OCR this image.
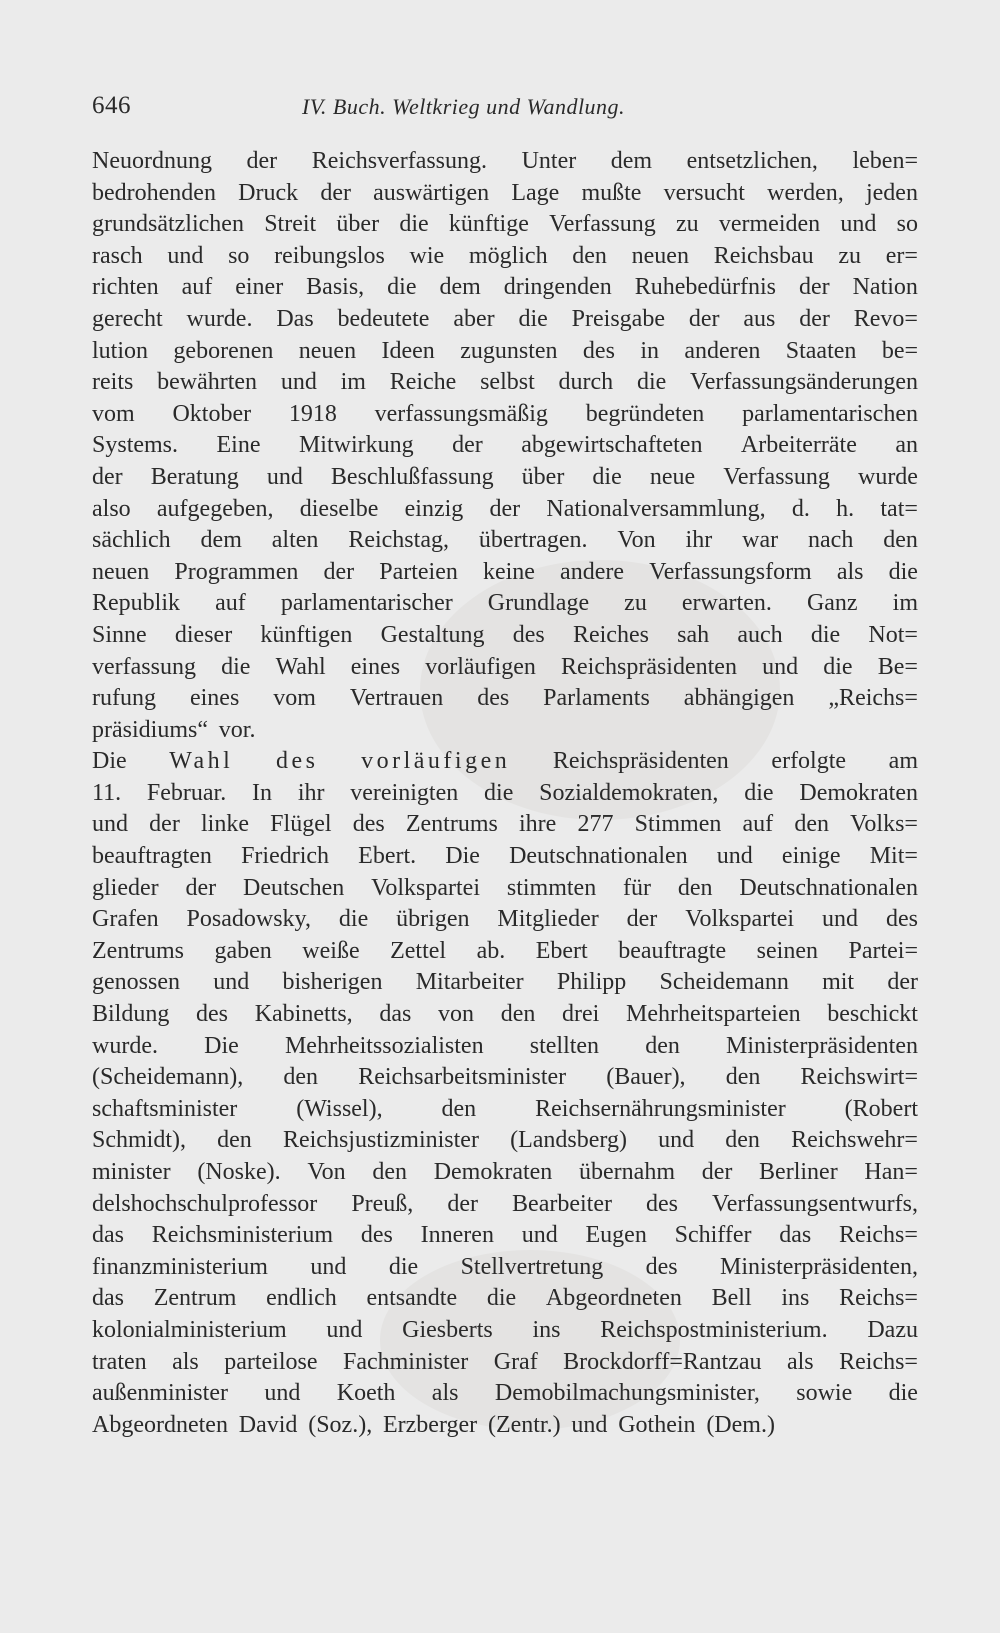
646	IV. Buch. Weltkrieg und Wandlung.
Neuordnung der Reichsverfassung. Unter dem entsetzlichen, leben=
bedrohenden Druck der auswärtigen Lage mußte versucht werden, jeden
grundsätzlichen Streit über die künftige Verfassung zu vermeiden und so
rasch und so reibungslos wie möglich den neuen Reichsbau zu er=
richten auf einer Basis, die dem dringenden Ruhebedürfnis der Nation
gerecht wurde. Das bedeutete aber die Preisgabe der aus der Revo=
lution geborenen neuen Ideen zugunsten des in anderen Staaten be=
reits bewährten und im Reiche selbst durch die Verfassungsänderungen
vom Oktober 1918 verfassungsmäßig begründeten parlamentarischen
Systems. Eine Mitwirkung der abgewirtschafteten Arbeiterräte an
der Beratung und Beschlußfassung über die neue Verfassung wurde
also aufgegeben, dieselbe einzig der Nationalversammlung, d. h. tat=
sächlich dem alten Reichstag, übertragen. Von ihr war nach den
neuen Programmen der Parteien keine andere Verfassungsform als die
Republik auf parlamentarischer Grundlage zu erwarten. Ganz im
Sinne dieser künftigen Gestaltung des Reiches sah auch die Not=
verfassung die Wahl eines vorläufigen Reichspräsidenten und die Be=
rufung eines vom Vertrauen des Parlaments abhängigen „Reichs=
präsidiums“ vor.
Die Wahl des vorläufigen Reichspräsidenten erfolgte am
11. Februar. In ihr vereinigten die Sozialdemokraten, die Demokraten
und der linke Flügel des Zentrums ihre 277 Stimmen auf den Volks=
beauftragten Friedrich Ebert. Die Deutschnationalen und einige Mit=
glieder der Deutschen Volkspartei stimmten für den Deutschnationalen
Grafen Posadowsky, die übrigen Mitglieder der Volkspartei und des
Zentrums gaben weiße Zettel ab. Ebert beauftragte seinen Partei=
genossen und bisherigen Mitarbeiter Philipp Scheidemann mit der
Bildung des Kabinetts, das von den drei Mehrheitsparteien beschickt
wurde. Die Mehrheitssozialisten stellten den Ministerpräsidenten
(Scheidemann), den Reichsarbeitsminister (Bauer), den Reichswirt=
schaftsminister (Wissel), den Reichsernährungsminister (Robert
Schmidt), den Reichsjustizminister (Landsberg) und den Reichswehr=
minister (Noske). Von den Demokraten übernahm der Berliner Han=
delshochschulprofessor Preuß, der Bearbeiter des Verfassungsentwurfs,
das Reichsministerium des Inneren und Eugen Schiffer das Reichs=
finanzministerium und die Stellvertretung des Ministerpräsidenten,
das Zentrum endlich entsandte die Abgeordneten Bell ins Reichs=
kolonialministerium und Giesberts ins Reichspostministerium. Dazu
traten als parteilose Fachminister Graf Brockdorff=Rantzau als Reichs=
außenminister und Koeth als Demobilmachungsminister, sowie die
Abgeordneten David (Soz.), Erzberger (Zentr.) und Gothein (Dem.)
